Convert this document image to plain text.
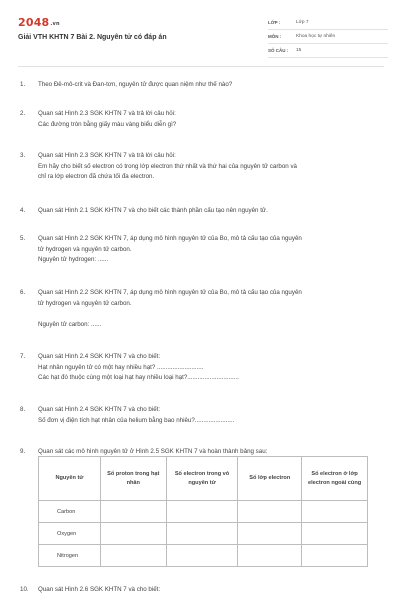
2048.vn
Giải VTH KHTN 7 Bài 2. Nguyên tử có đáp án
LỚP :	Lớp 7
MÔN :	Khoa học tự nhiên
SỐ CÂU :	15
1.	Theo Đê-mô-crit và Đan-tơn, nguyên tử được quan niệm như thế nào?

2.	Quan sát Hình 2.3 SGK KHTN 7 và trả lời câu hỏi:

Các đường tròn bằng giấy màu vàng biểu diễn gì?

3.	Quan sát Hình 2.3 SGK KHTN 7 và trả lời câu hỏi:

Em hãy cho biết số electron có trong lớp electron thứ nhất và thứ hai của nguyên tử carbon và

chỉ ra lớp electron đã chứa tối đa electron.

4.	Quan sát Hình 2.1 SGK KHTN 7 và cho biết các thành phần cấu tạo nên nguyên tử.

5.	Quan sát Hình 2.2 SGK KHTN 7, áp dụng mô hình nguyên tử của Bo, mô tả cấu tạo của nguyên

tử hydrogen và nguyên tử carbon.

Nguyên tử hydrogen: ......

6.	Quan sát Hình 2.2 SGK KHTN 7, áp dụng mô hình nguyên tử của Bo, mô tả cấu tạo của nguyên

tử hydrogen và nguyên tử carbon.

Nguyên tử carbon: ......

7.	Quan sát Hình 2.4 SGK KHTN 7 và cho biết:

Hạt nhân nguyên tử có một hay nhiều hạt? ...........................

Các hạt đó thuộc cùng một loại hạt hay nhiều loại hạt?..............................

8.	Quan sát Hình 2.4 SGK KHTN 7 và cho biết:

Số đơn vị điện tích hạt nhân của helium bằng bao nhiêu?.......................

9.	Quan sát các mô hình nguyên tử ở Hình 2.5 SGK KHTN 7 và hoàn thành bảng sau:

10.	Quan sát Hình 2.6 SGK KHTN 7 và cho biết:

Nguyên tử	Số proton trong hạt nhân	Số electron trong vỏ nguyên tử	Số lớp electron	Số electron ở lớp electron ngoài cùng
Carbon				
Oxygen				
Nitrogen				
